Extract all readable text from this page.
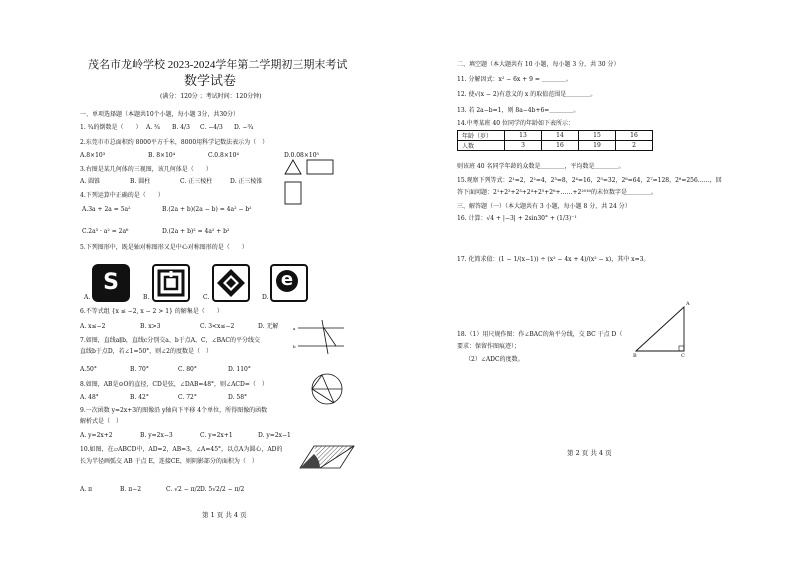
茂名市龙岭学校 2023-2024学年第二学期初三期末考试
数学试卷
(满分：120分 ；考试时间：120分钟)
一、单项选择题（本题共10个小题，每小题 3分，共30分）
1. ¾的倒数是（　　） A. ¾ B. 4/3 C. −4/3 D. −¾
2.东莞市市总面积约 8000平方千米，8000用科学记数法表示为（　）
A.8×10³	B. 8×10⁴	C.0.8×10⁴	D.0.08×10⁵
3.右图是某几何体的三视图，该几何体是（　　）
A. 圆锥	B. 圆柱	C. 正三棱柱	D. 正三棱锥
4.下列运算中正确的是（　　）
A.3a + 2a = 5a²	B.(2a + b)(2a − b) = 4a² − b²
C.2a³ · a² = 2a⁶	D.(2a + b)² = 4a² + b²
5.下列图形中，既是轴对称图形又是中心对称图形的是（　　）
S	e
A.	B.	C.	D.
6.不等式组 {x ≤ −2, x − 2 > 1} 的解集是（　　）
A. x≤−2	B. x>3	C. 3<x≤−2	D. 无解	a
b
7.如图，直线a∥b，直线c分别交a、b于点A、C，∠BAC的平分线交
直线b于点D，若∠1=50°，则∠2的度数是（　）
A.50°	B. 70°	C. 80°	D. 110°
8.如图，AB是⊙O的直径，CD是弦，∠DAB=48°，则∠ACD=（　）
A. 48°	B. 42°	C. 72°	D. 58°
9.一次函数 y=2x+3的图像沿 y轴向下平移 4个单位，所得图像的函数
解析式是（　）
A. y=2x+2	B. y=2x−3	C. y=2x+1	D. y=2x−1
10.如图，在▱ABCD中，AD=2，AB=3，∠A=45°，以点A为圆心，AD的
长为半径画弧交 AB 于点 E，连接CE，则阴影部分的面积为（　）
A. π	B. π−2	C. √2 − π/2 D. 5√2/2 − π/2
第 1 页 共 4 页
二、填空题（本大题共有 10 小题，每小题 3 分，共 30 分）
11. 分解因式：x² − 6x + 9 = ＿＿＿＿。
12. 使√(x − 2)有意义的 x 的取值范围是＿＿＿＿。
13. 若 2a−b=1，则 8a−4b+6=＿＿＿＿。
14.中考某班 40 位同学的年龄如下表所示：
年龄（岁）	13	14	15	16
人数	3	16	19	2
则该班 40 名同学年龄的众数是＿＿＿＿，平均数是＿＿＿＿。
15.观察下列等式：2¹=2，2²=4，2³=8，2⁴=16，2⁵=32，2⁶=64，2⁷=128，2⁸=256……，回
答下面问题：2¹+2²+2³+2⁴+2⁵+2⁶+……+2²⁰¹⁶的末位数字是＿＿＿＿。
三、解答题（一）（本大题共有 3 小题，每小题 8 分，共 24 分）
16. 计算：√4 + |−3| + 2sin30° + (1/3)⁻¹
17. 化简求值：(1 − 1/(x−1)) ÷ (x² − 4x + 4)/(x² − x)，其中 x=3。
18.（1）用尺规作图：作∠BAC的角平分线，交 BC 于点 D（
要求：保留作图痕迹）；
（2）∠ADC的度数。
A
B	C
第 2 页 共 4 页
